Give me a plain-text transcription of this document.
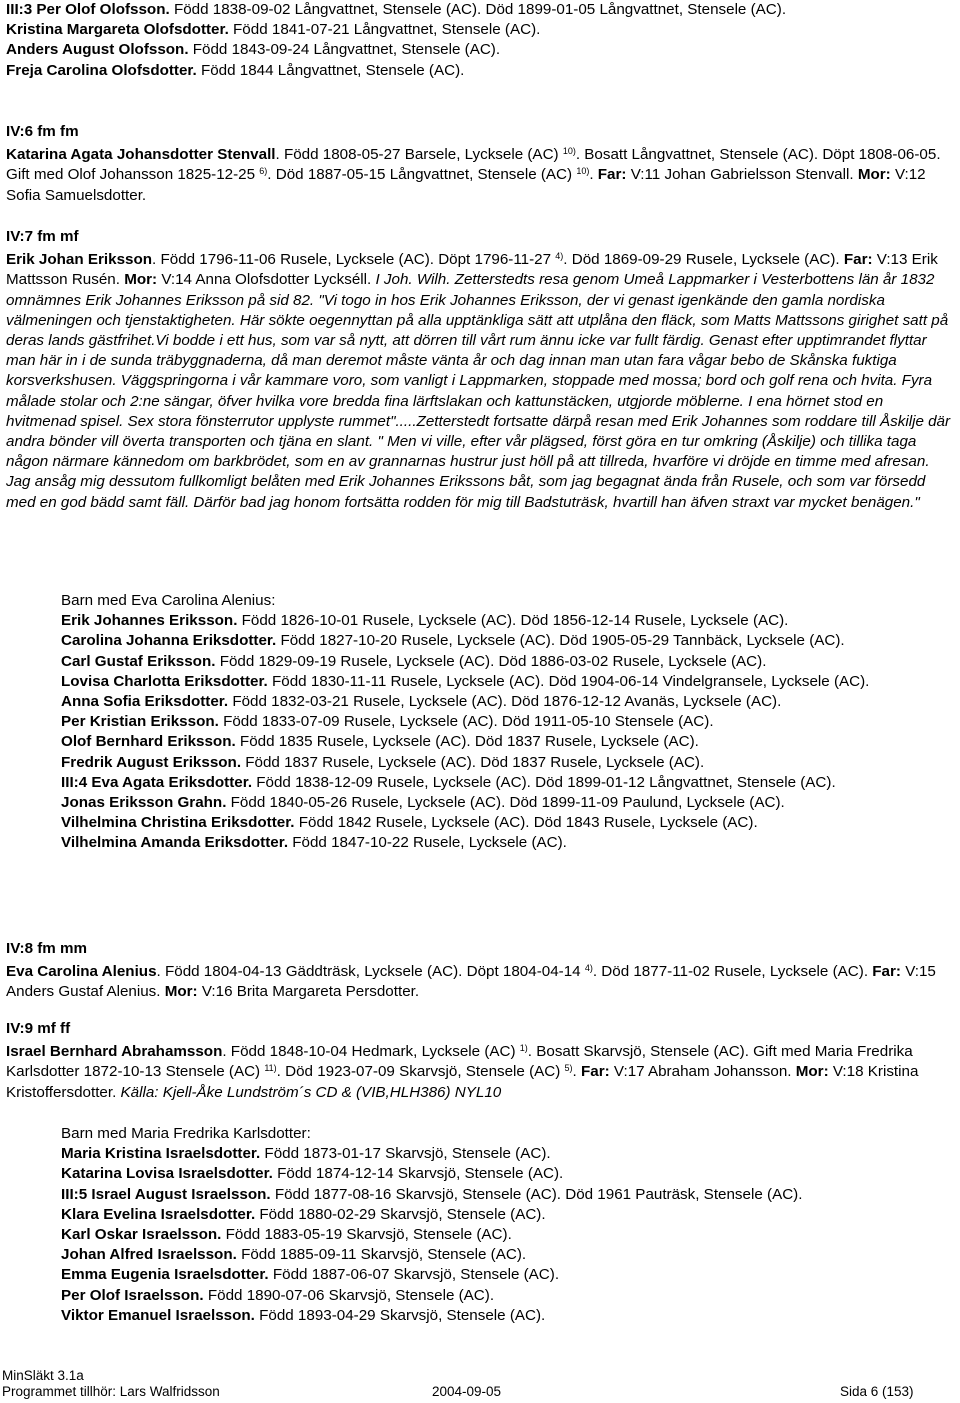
III:3 Per Olof Olofsson. Född 1838-09-02 Långvattnet, Stensele (AC). Död 1899-01-05 Långvattnet, Stensele (AC).
Kristina Margareta Olofsdotter. Född 1841-07-21 Långvattnet, Stensele (AC).
Anders August Olofsson. Född 1843-09-24 Långvattnet, Stensele (AC).
Freja Carolina Olofsdotter. Född 1844 Långvattnet, Stensele (AC).
IV:6 fm fm
Katarina Agata Johansdotter Stenvall. Född 1808-05-27 Barsele, Lycksele (AC) $^{10)}$. Bosatt Långvattnet, Stensele (AC). Döpt 1808-06-05. Gift med Olof Johansson 1825-12-25 $^{6)}$. Död 1887-05-15 Långvattnet, Stensele (AC) $^{10)}$. Far: V:11 Johan Gabrielsson Stenvall. Mor: V:12 Sofia Samuelsdotter.
IV:7 fm mf
Erik Johan Eriksson. Född 1796-11-06 Rusele, Lycksele (AC). Döpt 1796-11-27 $^{4)}$. Död 1869-09-29 Rusele, Lycksele (AC). Far: V:13 Erik Mattsson Rusén. Mor: V:14 Anna Olofsdotter Lyckséll. I Joh. Wilh. Zetterstedts resa genom Umeå Lappmarker i Vesterbottens län år 1832 omnämnes Erik Johannes Eriksson på sid 82. "Vi togo in hos Erik Johannes Eriksson, der vi genast igenkände den gamla nordiska välmeningen och tjenstaktigheten. Här sökte oegennyttan på alla upptänkliga sätt att utplåna den fläck, som Matts Mattssons girighet satt på deras lands gästfrihet.Vi bodde i ett hus, som var så nytt, att dörren till vårt rum ännu icke var fullt färdig. Genast efter upptimrandet flyttar man här in i de sunda träbyggnaderna, då man deremot måste vänta år och dag innan man utan fara vågar bebo de Skånska fuktiga korsverkshusen. Väggspringorna i vår kammare voro, som vanligt i Lappmarken, stoppade med mossa; bord och golf rena och hvita. Fyra målade stolar och 2:ne sängar, öfver hvilka vore bredda fina lärftslakan och kattunstäcken, utgjorde möblerne. I ena hörnet stod en hvitmenad spisel. Sex stora fönsterrutor upplyste rummet".....Zetterstedt fortsatte därpå resan med Erik Johannes som roddare till Åskilje där andra bönder vill överta transporten och tjäna en slant. " Men vi ville, efter vår plägsed, först göra en tur omkring (Åskilje) och tillika taga någon närmare kännedom om barkbrödet, som en av grannarnas hustrur just höll på att tillreda, hvarföre vi dröjde en timme med afresan. Jag ansåg mig dessutom fullkomligt belåten med Erik Johannes Erikssons båt, som jag begagnat ända från Rusele, och som var försedd med en god bädd samt fäll. Därför bad jag honom fortsätta rodden för mig till Badstuträsk, hvartill han äfven straxt var mycket benägen."
Barn med Eva Carolina Alenius:
Erik Johannes Eriksson. Född 1826-10-01 Rusele, Lycksele (AC). Död 1856-12-14 Rusele, Lycksele (AC).
Carolina Johanna Eriksdotter. Född 1827-10-20 Rusele, Lycksele (AC). Död 1905-05-29 Tannbäck, Lycksele (AC).
Carl Gustaf Eriksson. Född 1829-09-19 Rusele, Lycksele (AC). Död 1886-03-02 Rusele, Lycksele (AC).
Lovisa Charlotta Eriksdotter. Född 1830-11-11 Rusele, Lycksele (AC). Död 1904-06-14 Vindelgransele, Lycksele (AC).
Anna Sofia Eriksdotter. Född 1832-03-21 Rusele, Lycksele (AC). Död 1876-12-12 Avanäs, Lycksele (AC).
Per Kristian Eriksson. Född 1833-07-09 Rusele, Lycksele (AC). Död 1911-05-10 Stensele (AC).
Olof Bernhard Eriksson. Född 1835 Rusele, Lycksele (AC). Död 1837 Rusele, Lycksele (AC).
Fredrik August Eriksson. Född 1837 Rusele, Lycksele (AC). Död 1837 Rusele, Lycksele (AC).
III:4 Eva Agata Eriksdotter. Född 1838-12-09 Rusele, Lycksele (AC). Död 1899-01-12 Långvattnet, Stensele (AC).
Jonas Eriksson Grahn. Född 1840-05-26 Rusele, Lycksele (AC). Död 1899-11-09 Paulund, Lycksele (AC).
Vilhelmina Christina Eriksdotter. Född 1842 Rusele, Lycksele (AC). Död 1843 Rusele, Lycksele (AC).
Vilhelmina Amanda Eriksdotter. Född 1847-10-22 Rusele, Lycksele (AC).
IV:8 fm mm
Eva Carolina Alenius. Född 1804-04-13 Gäddträsk, Lycksele (AC). Döpt 1804-04-14 $^{4)}$. Död 1877-11-02 Rusele, Lycksele (AC). Far: V:15 Anders Gustaf Alenius. Mor: V:16 Brita Margareta Persdotter.
IV:9 mf ff
Israel Bernhard Abrahamsson. Född 1848-10-04 Hedmark, Lycksele (AC) $^{1)}$. Bosatt Skarvsjö, Stensele (AC). Gift med Maria Fredrika Karlsdotter 1872-10-13 Stensele (AC) $^{11)}$. Död 1923-07-09 Skarvsjö, Stensele (AC) $^{5)}$. Far: V:17 Abraham Johansson. Mor: V:18 Kristina Kristoffersdotter. Källa: Kjell-Åke Lundström´s CD & (VIB,HLH386) NYL10
Barn med Maria Fredrika Karlsdotter:
Maria Kristina Israelsdotter. Född 1873-01-17 Skarvsjö, Stensele (AC).
Katarina Lovisa Israelsdotter. Född 1874-12-14 Skarvsjö, Stensele (AC).
III:5 Israel August Israelsson. Född 1877-08-16 Skarvsjö, Stensele (AC). Död 1961 Pauträsk, Stensele (AC).
Klara Evelina Israelsdotter. Född 1880-02-29 Skarvsjö, Stensele (AC).
Karl Oskar Israelsson. Född 1883-05-19 Skarvsjö, Stensele (AC).
Johan Alfred Israelsson. Född 1885-09-11 Skarvsjö, Stensele (AC).
Emma Eugenia Israelsdotter. Född 1887-06-07 Skarvsjö, Stensele (AC).
Per Olof Israelsson. Född 1890-07-06 Skarvsjö, Stensele (AC).
Viktor Emanuel Israelsson. Född 1893-04-29 Skarvsjö, Stensele (AC).
MinSläkt 3.1a
Programmet tillhör: Lars Walfridsson	2004-09-05	Sida 6 (153)
